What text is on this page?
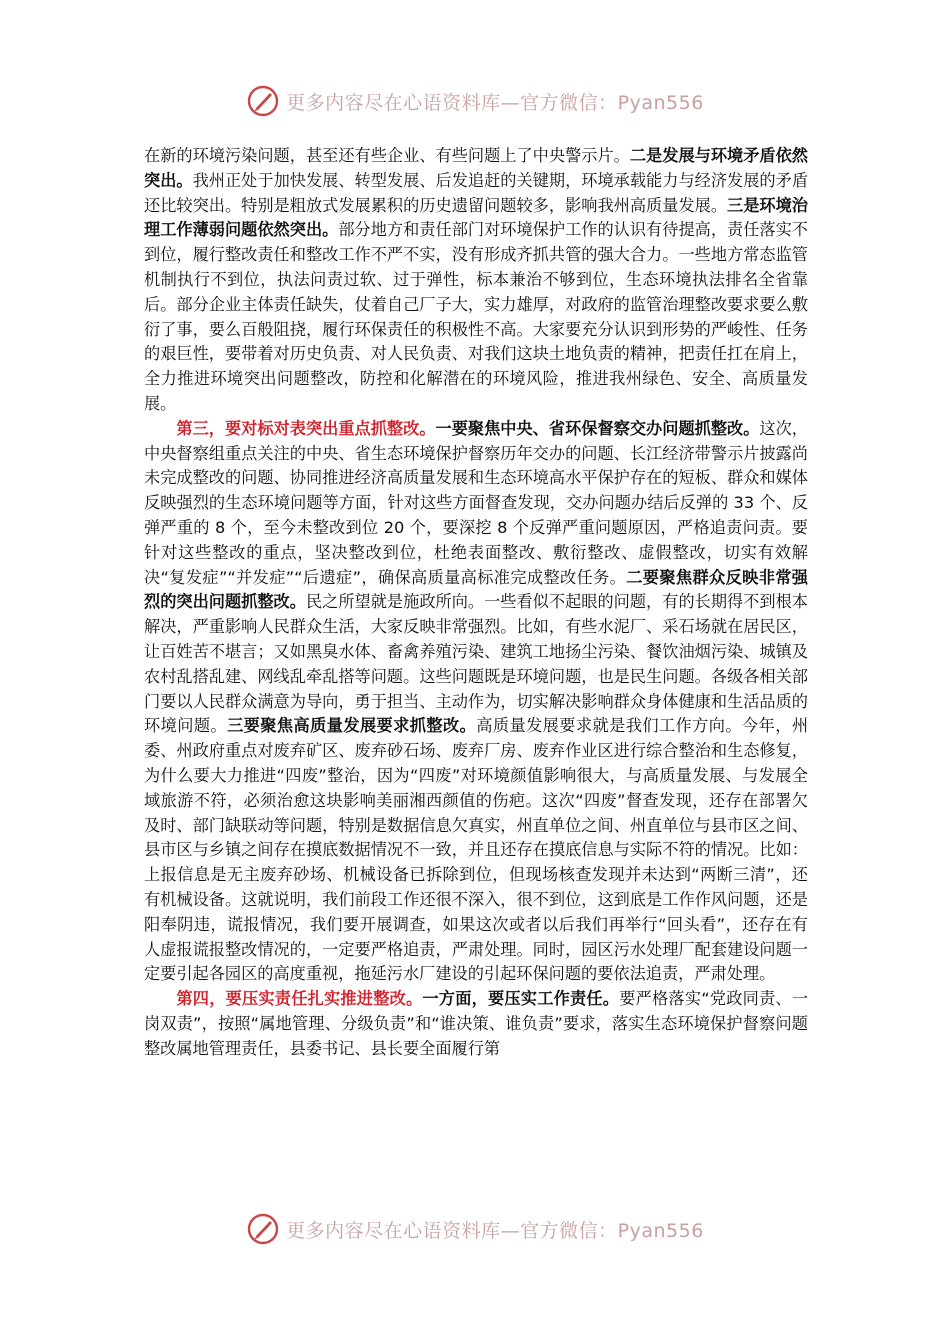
更多内容尽在心语资料库—官方微信：Pyan556

在新的环境污染问题，甚至还有些企业、有些问题上了中央警示片。二是发展与环境矛盾依然突出。我州正处于加快发展、转型发展、后发追赶的关键期，环境承载能力与经济发展的矛盾还比较突出。特别是粗放式发展累积的历史遗留问题较多，影响我州高质量发展。三是环境治理工作薄弱问题依然突出。部分地方和责任部门对环境保护工作的认识有待提高，责任落实不到位，履行整改责任和整改工作不严不实，没有形成齐抓共管的强大合力。一些地方常态监管机制执行不到位，执法问责过软、过于弹性，标本兼治不够到位，生态环境执法排名全省靠后。部分企业主体责任缺失，仗着自己厂子大，实力雄厚，对政府的监管治理整改要求要么敷衍了事，要么百般阻挠，履行环保责任的积极性不高。大家要充分认识到形势的严峻性、任务的艰巨性，要带着对历史负责、对人民负责、对我们这块土地负责的精神，把责任扛在肩上，全力推进环境突出问题整改，防控和化解潜在的环境风险，推进我州绿色、安全、高质量发展。

第三，要对标对表突出重点抓整改。一要聚焦中央、省环保督察交办问题抓整改。这次，中央督察组重点关注的中央、省生态环境保护督察历年交办的问题、长江经济带警示片披露尚未完成整改的问题、协同推进经济高质量发展和生态环境高水平保护存在的短板、群众和媒体反映强烈的生态环境问题等方面，针对这些方面督查发现，交办问题办结后反弹的 33 个、反弹严重的 8 个，至今未整改到位 20 个，要深挖 8 个反弹严重问题原因，严格追责问责。要针对这些整改的重点，坚决整改到位，杜绝表面整改、敷衍整改、虚假整改，切实有效解决“复发症”“并发症”“后遗症”，确保高质量高标准完成整改任务。二要聚焦群众反映非常强烈的突出问题抓整改。民之所望就是施政所向。一些看似不起眼的问题，有的长期得不到根本解决，严重影响人民群众生活，大家反映非常强烈。比如，有些水泥厂、采石场就在居民区，让百姓苦不堪言；又如黑臭水体、畜禽养殖污染、建筑工地扬尘污染、餐饮油烟污染、城镇及农村乱搭乱建、网线乱牵乱搭等问题。这些问题既是环境问题，也是民生问题。各级各相关部门要以人民群众满意为导向，勇于担当、主动作为，切实解决影响群众身体健康和生活品质的环境问题。三要聚焦高质量发展要求抓整改。高质量发展要求就是我们工作方向。今年，州委、州政府重点对废弃矿区、废弃砂石场、废弃厂房、废弃作业区进行综合整治和生态修复，为什么要大力推进“四废”整治，因为“四废”对环境颜值影响很大，与高质量发展、与发展全域旅游不符，必须治愈这块影响美丽湘西颜值的伤疤。这次“四废”督查发现，还存在部署欠及时、部门缺联动等问题，特别是数据信息欠真实，州直单位之间、州直单位与县市区之间、县市区与乡镇之间存在摸底数据情况不一致，并且还存在摸底信息与实际不符的情况。比如：上报信息是无主废弃砂场、机械设备已拆除到位，但现场核查发现并未达到“两断三清”，还有机械设备。这就说明，我们前段工作还很不深入，很不到位，这到底是工作作风问题，还是阳奉阴违，谎报情况，我们要开展调查，如果这次或者以后我们再举行“回头看”，还存在有人虚报谎报整改情况的，一定要严格追责，严肃处理。同时，园区污水处理厂配套建设问题一定要引起各园区的高度重视，拖延污水厂建设的引起环保问题的要依法追责，严肃处理。

第四，要压实责任扎实推进整改。一方面，要压实工作责任。要严格落实“党政同责、一岗双责”，按照“属地管理、分级负责”和“谁决策、谁负责”要求，落实生态环境保护督察问题整改属地管理责任，县委书记、县长要全面履行第

更多内容尽在心语资料库—官方微信：Pyan556
